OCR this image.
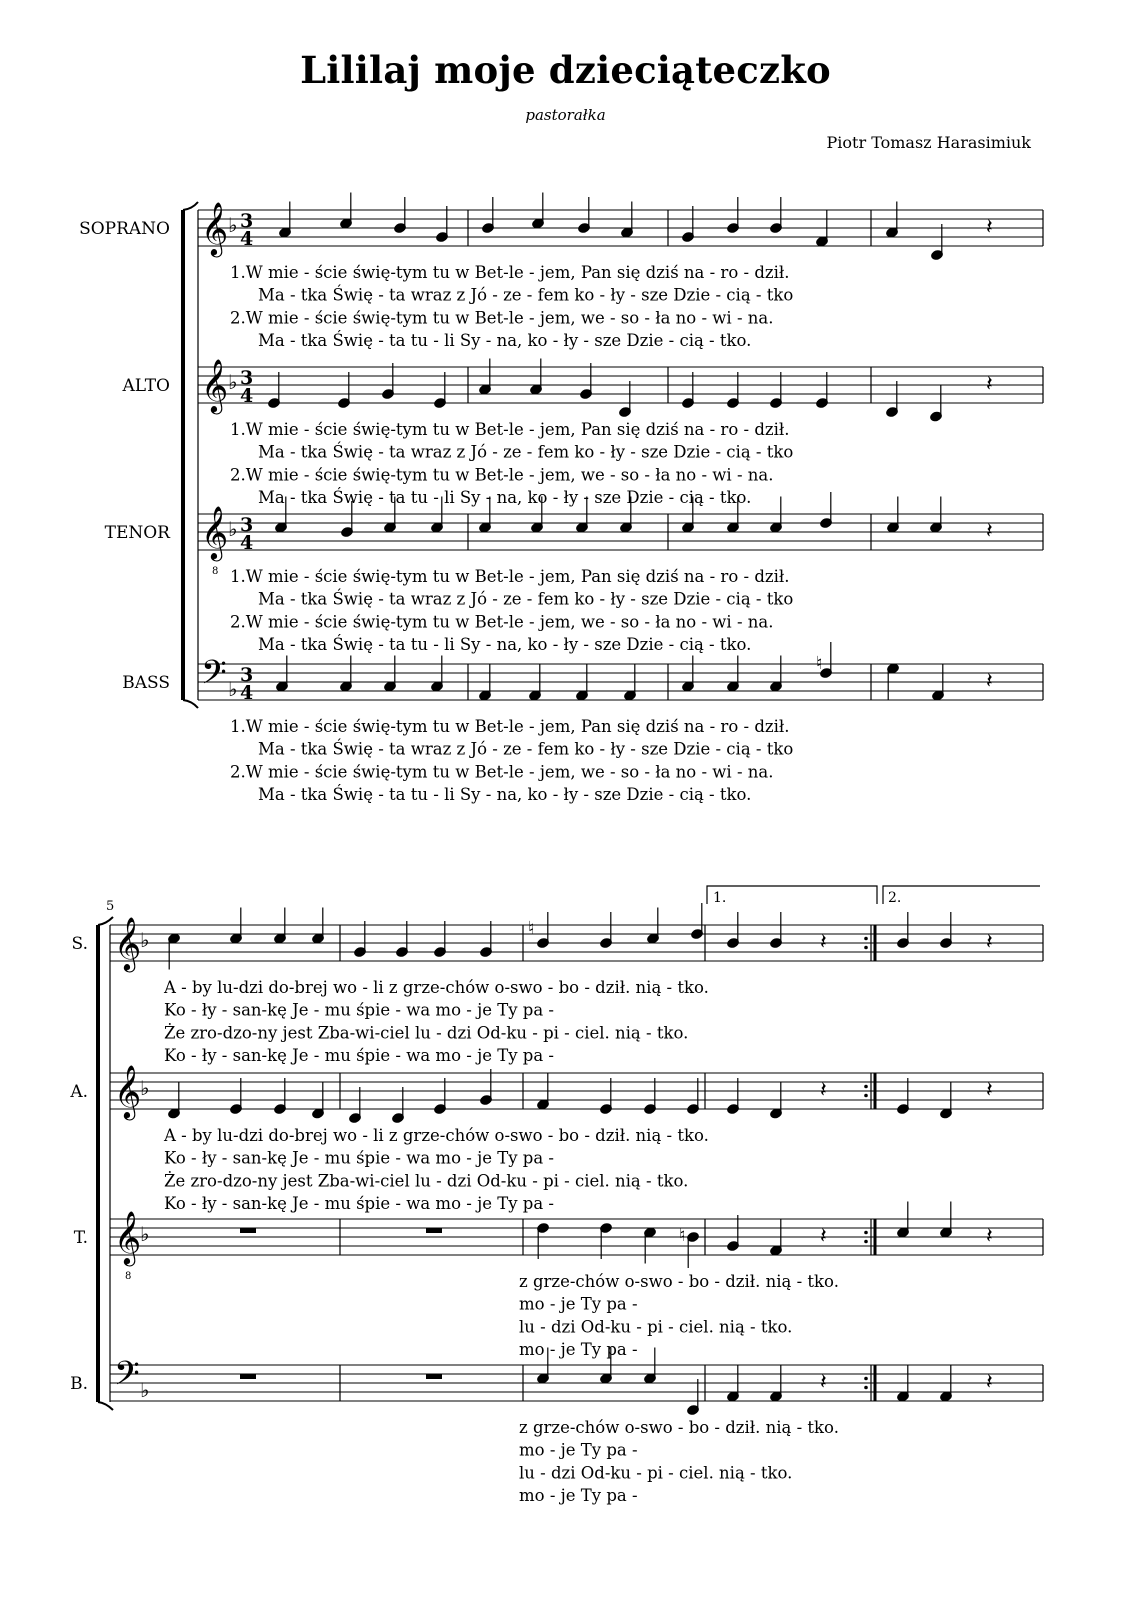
Lililaj moje dzieciąteczko
pastorałka
Piotr Tomasz Harasimiuk
SOPRANO 𝄞 ♭ 3
4
1.W mie - ście świę-tym tu w Bet-le - jem, Pan się dziś na - ro - dził.
Ma - tka Świę - ta wraz z Jó - ze - fem ko - ły - sze Dzie - cią - tko
2.W mie - ście świę-tym tu w Bet-le - jem, we - so - ła no - wi - na.
Ma - tka Świę - ta tu - li Sy - na, ko - ły - sze Dzie - cią - tko.
ALTO 𝄞 ♭ 3
4
1.W mie - ście świę-tym tu w Bet-le - jem, Pan się dziś na - ro - dził.
Ma - tka Świę - ta wraz z Jó - ze - fem ko - ły - sze Dzie - cią - tko
2.W mie - ście świę-tym tu w Bet-le - jem, we - so - ła no - wi - na.
Ma - tka Świę - ta tu - li Sy - na, ko - ły - sze Dzie - cią - tko.
TENOR 𝄞
8
♭ 3
4
1.W mie - ście świę-tym tu w Bet-le - jem, Pan się dziś na - ro - dził.
Ma - tka Świę - ta wraz z Jó - ze - fem ko - ły - sze Dzie - cią - tko
2.W mie - ście świę-tym tu w Bet-le - jem, we - so - ła no - wi - na.
Ma - tka Świę - ta tu - li Sy - na, ko - ły - sze Dzie - cią - tko.
BASS 𝄢 ♭
3
4
1.W mie - ście świę-tym tu w Bet-le - jem, Pan się dziś na - ro - dził.
Ma - tka Świę - ta wraz z Jó - ze - fem ko - ły - sze Dzie - cią - tko
2.W mie - ście świę-tym tu w Bet-le - jem, we - so - ła no - wi - na.
Ma - tka Świę - ta tu - li Sy - na, ko - ły - sze Dzie - cią - tko.
𝄽
𝄽
𝄽
𝄽
♮
5
1.	2.
S. 𝄞
♭
A - by lu-dzi do-brej wo - li z grze-chów o-swo - bo - dził. nią - tko.
Ko - ły - san-kę Je - mu śpie - wa mo - je Ty pa -
Że zro-dzo-ny jest Zba-wi-ciel lu - dzi Od-ku - pi - ciel. nią - tko.
Ko - ły - san-kę Je - mu śpie - wa mo - je Ty pa -
A. 𝄞
♭
A - by lu-dzi do-brej wo - li z grze-chów o-swo - bo - dził. nią - tko.
Ko - ły - san-kę Je - mu śpie - wa mo - je Ty pa -
Że zro-dzo-ny jest Zba-wi-ciel lu - dzi Od-ku - pi - ciel. nią - tko.
Ko - ły - san-kę Je - mu śpie - wa mo - je Ty pa -
T. 𝄞
8
♭
z grze-chów o-swo - bo - dził. nią - tko.
mo - je Ty pa -
lu - dzi Od-ku - pi - ciel. nią - tko.
mo - je Ty pa -
B. 𝄢 ♭
z grze-chów o-swo - bo - dził. nią - tko.
mo - je Ty pa -
lu - dzi Od-ku - pi - ciel. nią - tko.
mo - je Ty pa -
𝄽	𝄽
𝄽	𝄽
𝄽	𝄽
𝄽	𝄽
♮
♮
